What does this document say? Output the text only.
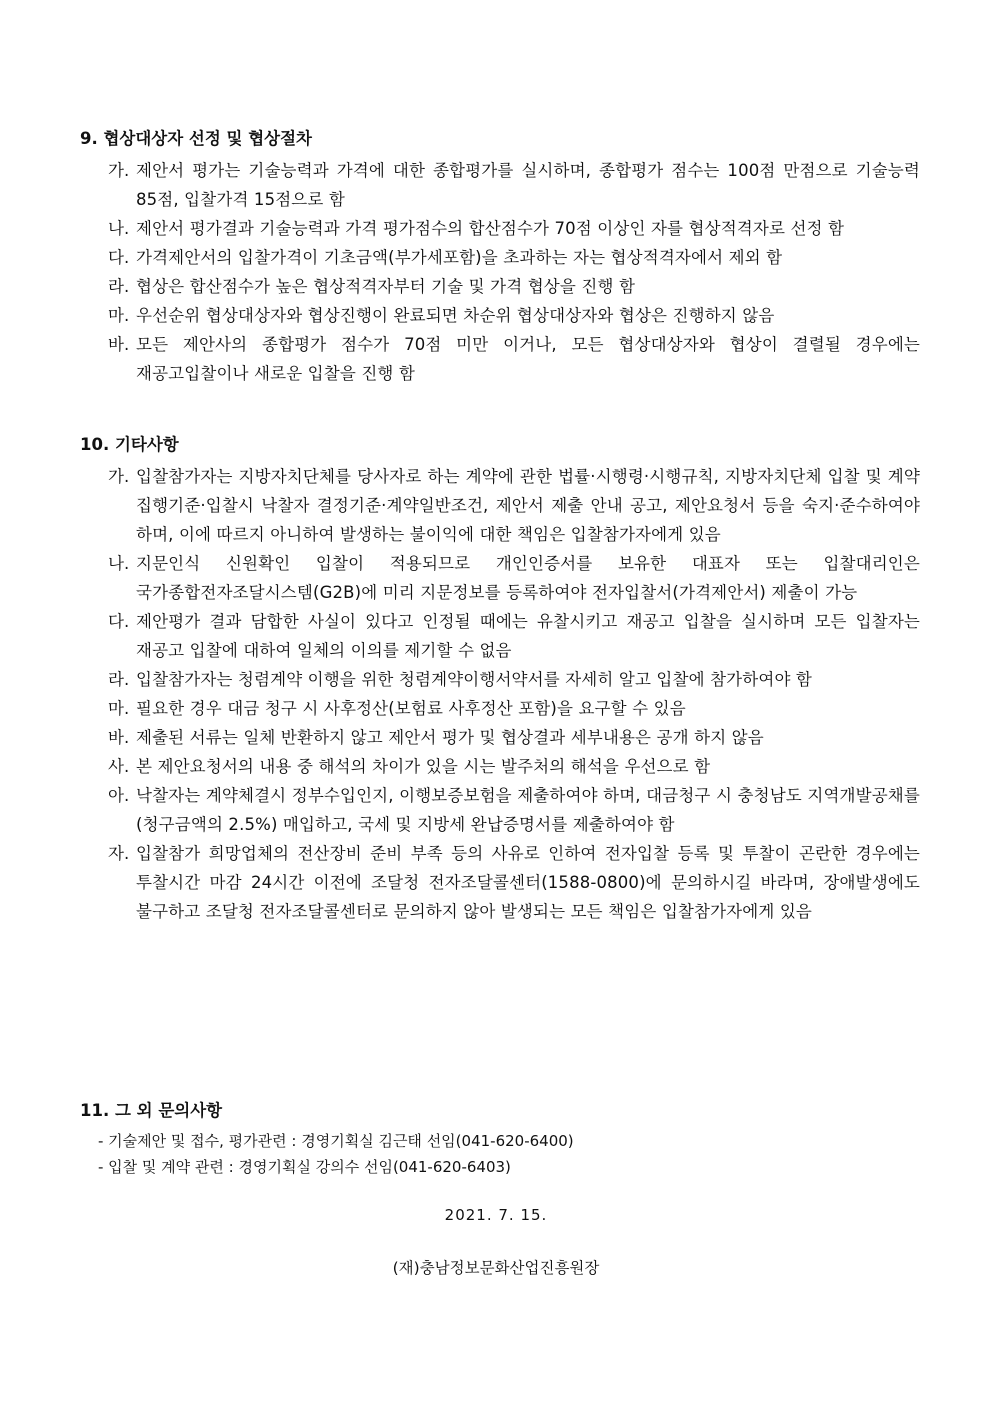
9. 협상대상자 선정 및 협상절차
가. 제안서 평가는 기술능력과 가격에 대한 종합평가를 실시하며, 종합평가 점수는 100점 만점으로 기술능력 85점, 입찰가격 15점으로 함
나. 제안서 평가결과 기술능력과 가격 평가점수의 합산점수가 70점 이상인 자를 협상적격자로 선정 함
다. 가격제안서의 입찰가격이 기초금액(부가세포함)을 초과하는 자는 협상적격자에서 제외 함
라. 협상은 합산점수가 높은 협상적격자부터 기술 및 가격 협상을 진행 함
마. 우선순위 협상대상자와 협상진행이 완료되면 차순위 협상대상자와 협상은 진행하지 않음
바. 모든 제안사의 종합평가 점수가 70점 미만 이거나, 모든 협상대상자와 협상이 결렬될 경우에는 재공고입찰이나 새로운 입찰을 진행 함
10. 기타사항
가. 입찰참가자는 지방자치단체를 당사자로 하는 계약에 관한 법률·시행령·시행규칙, 지방자치단체 입찰 및 계약 집행기준·입찰시 낙찰자 결정기준·계약일반조건, 제안서 제출 안내 공고, 제안요청서 등을 숙지·준수하여야 하며, 이에 따르지 아니하여 발생하는 불이익에 대한 책임은 입찰참가자에게 있음
나. 지문인식 신원확인 입찰이 적용되므로 개인인증서를 보유한 대표자 또는 입찰대리인은 국가종합전자조달시스템(G2B)에 미리 지문정보를 등록하여야 전자입찰서(가격제안서) 제출이 가능
다. 제안평가 결과 담합한 사실이 있다고 인정될 때에는 유찰시키고 재공고 입찰을 실시하며 모든 입찰자는 재공고 입찰에 대하여 일체의 이의를 제기할 수 없음
라. 입찰참가자는 청렴계약 이행을 위한 청렴계약이행서약서를 자세히 알고 입찰에 참가하여야 함
마. 필요한 경우 대금 청구 시 사후정산(보험료 사후정산 포함)을 요구할 수 있음
바. 제출된 서류는 일체 반환하지 않고 제안서 평가 및 협상결과 세부내용은 공개 하지 않음
사. 본 제안요청서의 내용 중 해석의 차이가 있을 시는 발주처의 해석을 우선으로 함
아. 낙찰자는 계약체결시 정부수입인지, 이행보증보험을 제출하여야 하며, 대금청구 시 충청남도 지역개발공채를(청구금액의 2.5%) 매입하고, 국세 및 지방세 완납증명서를 제출하여야 함
자. 입찰참가 희망업체의 전산장비 준비 부족 등의 사유로 인하여 전자입찰 등록 및 투찰이 곤란한 경우에는 투찰시간 마감 24시간 이전에 조달청 전자조달콜센터(1588-0800)에 문의하시길 바라며, 장애발생에도 불구하고 조달청 전자조달콜센터로 문의하지 않아 발생되는 모든 책임은 입찰참가자에게 있음
11. 그 외 문의사항
- 기술제안 및 접수, 평가관련 : 경영기획실 김근태 선임(041-620-6400)
- 입찰 및 계약 관련 : 경영기획실 강의수 선임(041-620-6403)
2021. 7. 15.
(재)충남정보문화산업진흥원장
